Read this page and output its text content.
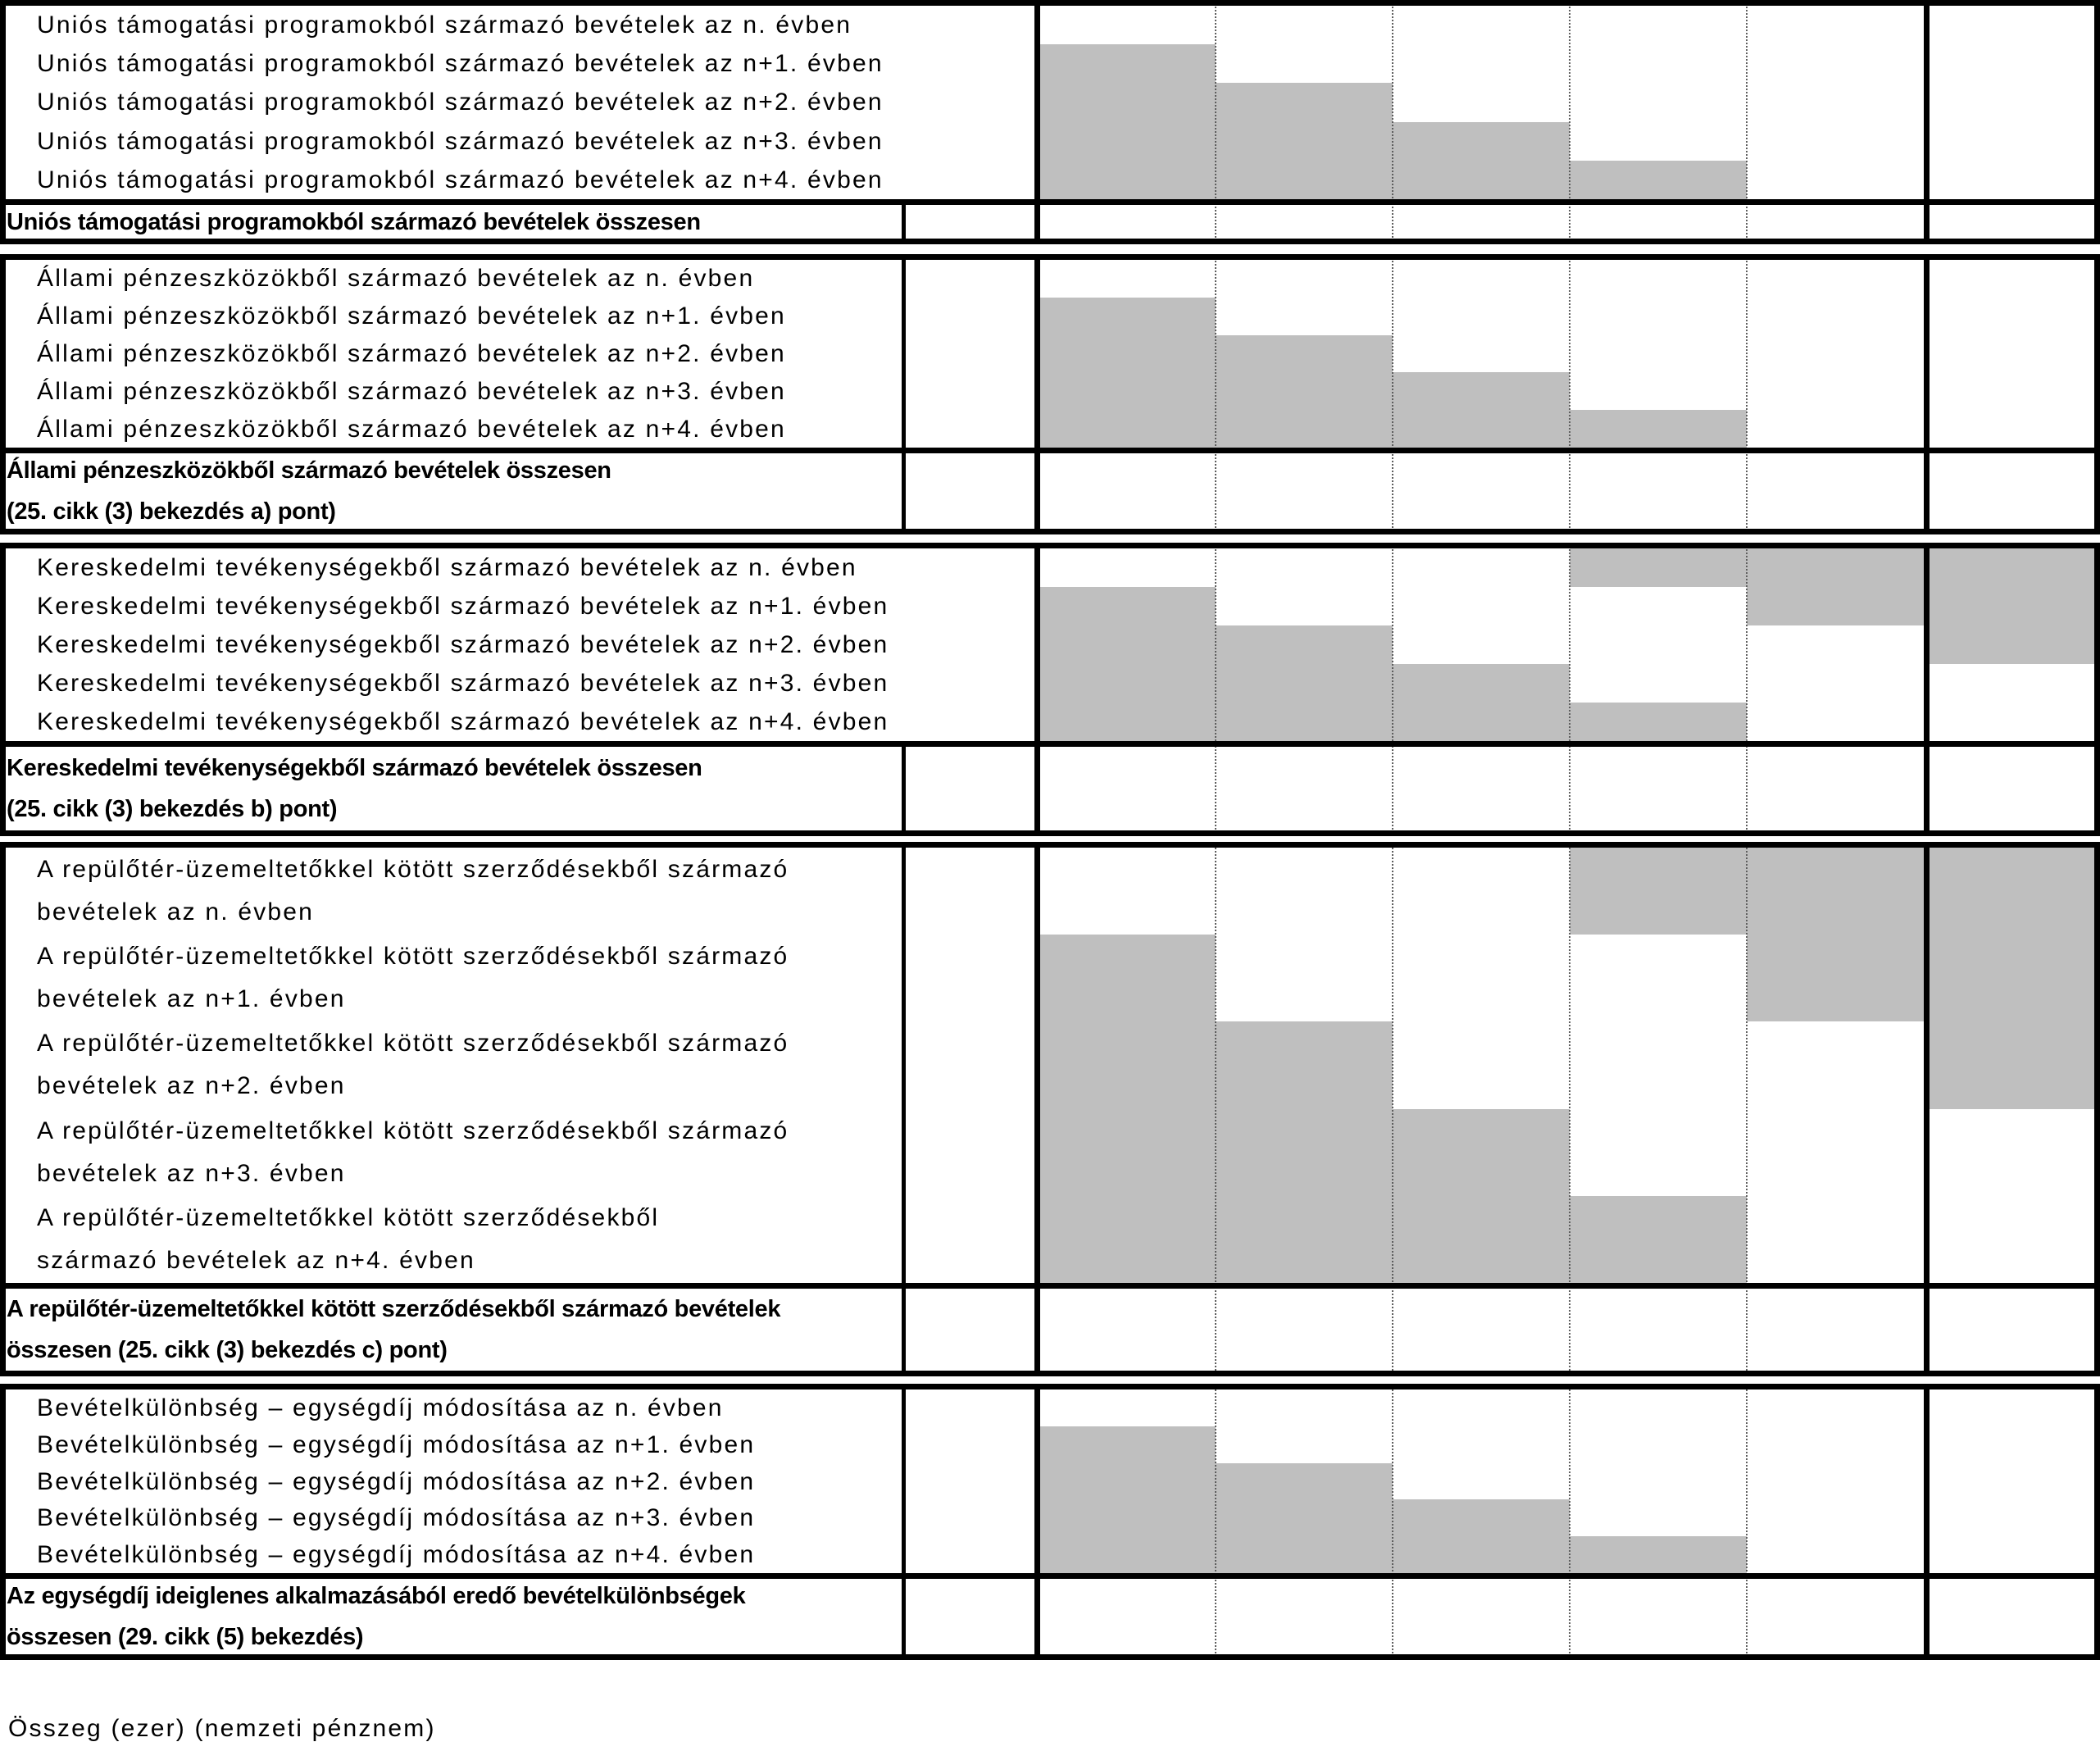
Uniós támogatási programokból származó bevételek az n. évben
Uniós támogatási programokból származó bevételek az n+1. évben
Uniós támogatási programokból származó bevételek az n+2. évben
Uniós támogatási programokból származó bevételek az n+3. évben
Uniós támogatási programokból származó bevételek az n+4. évben
Uniós támogatási programokból származó bevételek összesen
Állami pénzeszközökből származó bevételek az n. évben
Állami pénzeszközökből származó bevételek az n+1. évben
Állami pénzeszközökből származó bevételek az n+2. évben
Állami pénzeszközökből származó bevételek az n+3. évben
Állami pénzeszközökből származó bevételek az n+4. évben
Állami pénzeszközökből származó bevételek összesen
(25. cikk (3) bekezdés a) pont)
Kereskedelmi tevékenységekből származó bevételek az n. évben
Kereskedelmi tevékenységekből származó bevételek az n+1. évben
Kereskedelmi tevékenységekből származó bevételek az n+2. évben
Kereskedelmi tevékenységekből származó bevételek az n+3. évben
Kereskedelmi tevékenységekből származó bevételek az n+4. évben
Kereskedelmi tevékenységekből származó bevételek összesen
(25. cikk (3) bekezdés b) pont)
A repülőtér-üzemeltetőkkel kötött szerződésekből származó
bevételek az n. évben
A repülőtér-üzemeltetőkkel kötött szerződésekből származó
bevételek az n+1. évben
A repülőtér-üzemeltetőkkel kötött szerződésekből származó
bevételek az n+2. évben
A repülőtér-üzemeltetőkkel kötött szerződésekből származó
bevételek az n+3. évben
A repülőtér-üzemeltetőkkel kötött szerződésekből
származó bevételek az n+4. évben
A repülőtér-üzemeltetőkkel kötött szerződésekből származó bevételek
összesen (25. cikk (3) bekezdés c) pont)
Bevételkülönbség – egységdíj módosítása az n. évben
Bevételkülönbség – egységdíj módosítása az n+1. évben
Bevételkülönbség – egységdíj módosítása az n+2. évben
Bevételkülönbség – egységdíj módosítása az n+3. évben
Bevételkülönbség – egységdíj módosítása az n+4. évben
Az egységdíj ideiglenes alkalmazásából eredő bevételkülönbségek
összesen (29. cikk (5) bekezdés)
Összeg (ezer) (nemzeti pénznem)
